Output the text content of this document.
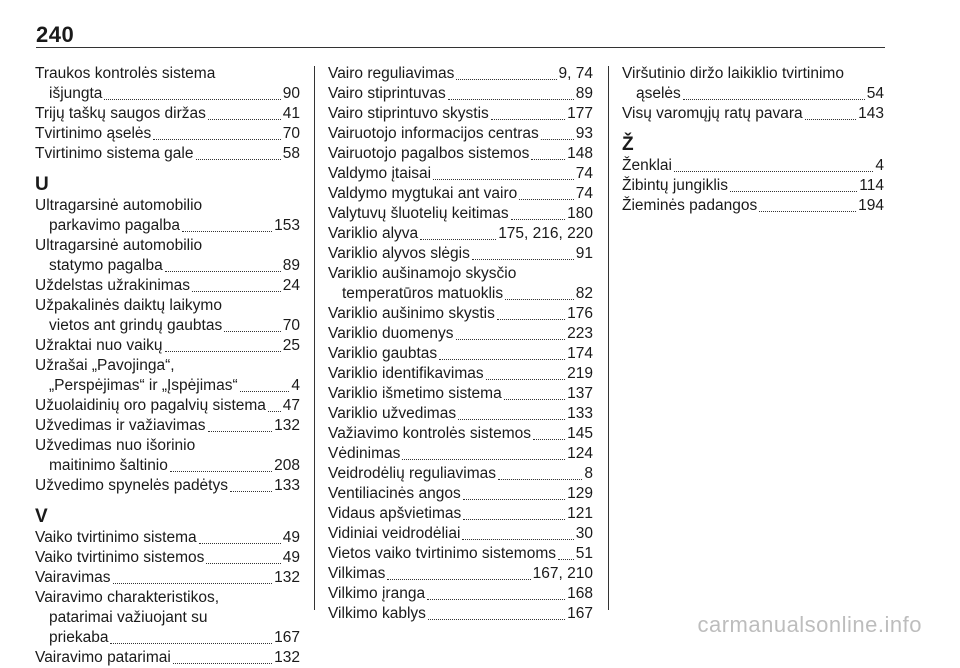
240
Traukos kontrolės sistema
išjungta	90
Trijų taškų saugos diržas	41
Tvirtinimo ąselės	70
Tvirtinimo sistema gale	58
U
Ultragarsinė automobilio
parkavimo pagalba	153
Ultragarsinė automobilio
statymo pagalba	89
Uždelstas užrakinimas	24
Užpakalinės daiktų laikymo
vietos ant grindų gaubtas	70
Užraktai nuo vaikų	25
Užrašai „Pavojinga“,
„Perspėjimas“ ir „Įspėjimas“	4
Užuolaidinių oro pagalvių sistema 47
Užvedimas ir važiavimas	132
Užvedimas nuo išorinio
maitinimo šaltinio	208
Užvedimo spynelės padėtys	133
V
Vaiko tvirtinimo sistema	49
Vaiko tvirtinimo sistemos	49
Vairavimas	132
Vairavimo charakteristikos,
patarimai važiuojant su
priekaba	167
Vairavimo patarimai	132
Vairo reguliavimas	9, 74
Vairo stiprintuvas	89
Vairo stiprintuvo skystis	177
Vairuotojo informacijos centras 93
Vairuotojo pagalbos sistemos 148
Valdymo įtaisai	74
Valdymo mygtukai ant vairo	74
Valytuvų šluotelių keitimas	180
Variklio alyva	175, 216, 220
Variklio alyvos slėgis	91
Variklio aušinamojo skysčio
temperatūros matuoklis	82
Variklio aušinimo skystis	176
Variklio duomenys	223
Variklio gaubtas	174
Variklio identifikavimas	219
Variklio išmetimo sistema	137
Variklio užvedimas	133
Važiavimo kontrolės sistemos 145
Vėdinimas	124
Veidrodėlių reguliavimas	8
Ventiliacinės angos	129
Vidaus apšvietimas	121
Vidiniai veidrodėliai	30
Vietos vaiko tvirtinimo sistemoms 51
Vilkimas	167, 210
Vilkimo įranga	168
Vilkimo kablys	167
Viršutinio diržo laikiklio tvirtinimo
ąselės	54
Visų varomųjų ratų pavara	143
Ž
Ženklai	4
Žibintų jungiklis	114
Žieminės padangos	194
carmanualsonline.info
